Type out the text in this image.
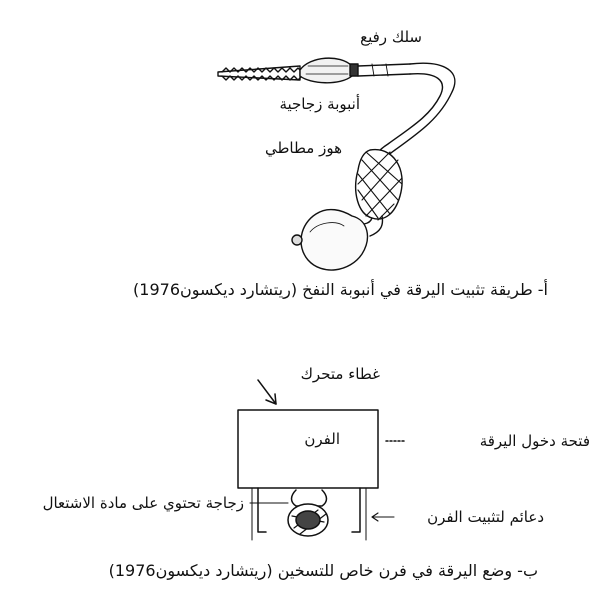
سلك رفيع
أنبوبة زجاجية
هوز مطاطي
أ- طريقة تثبيت اليرقة في أنبوبة النفخ (ريتشارد ديكسون1976)
غطاء متحرك
الفرن	فتحة دخول اليرقة
زجاجة تحتوي على مادة الاشتعال
دعائم لتثبيت الفرن
ب- وضع اليرقة في فرن خاص للتسخين (ريتشارد ديكسون1976)
